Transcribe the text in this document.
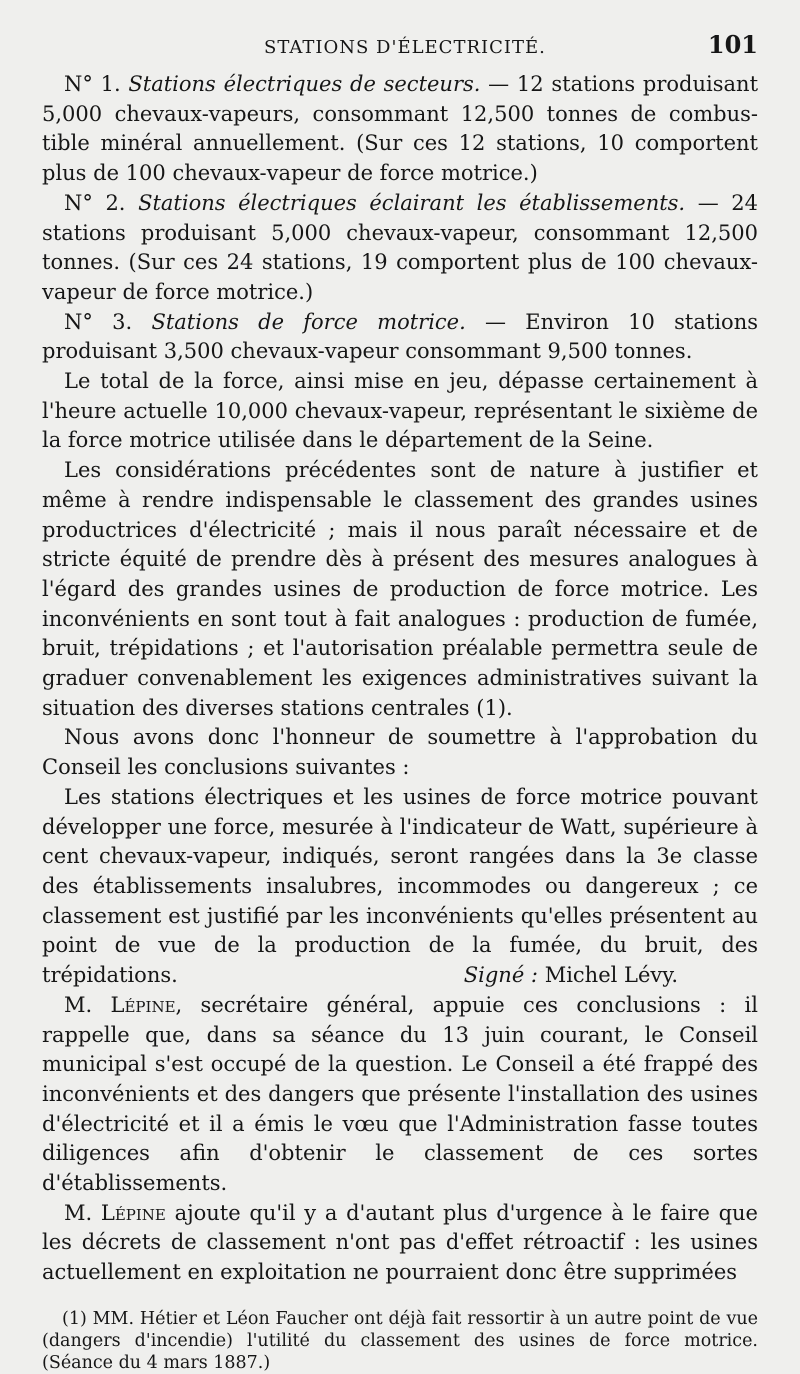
STATIONS D'ÉLECTRICITÉ.	101

N° 1. Stations électriques de secteurs. — 12 stations produisant 5,000 chevaux-vapeurs, consommant 12,500 tonnes de combus-tible minéral annuellement. (Sur ces 12 stations, 10 comportent plus de 100 chevaux-vapeur de force motrice.)

N° 2. Stations électriques éclairant les établissements. — 24 stations produisant 5,000 chevaux-vapeur, consommant 12,500 tonnes. (Sur ces 24 stations, 19 comportent plus de 100 chevaux-vapeur de force motrice.)

N° 3. Stations de force motrice. — Environ 10 stations produisant 3,500 chevaux-vapeur consommant 9,500 tonnes.

Le total de la force, ainsi mise en jeu, dépasse certainement à l'heure actuelle 10,000 chevaux-vapeur, représentant le sixième de la force motrice utilisée dans le département de la Seine.

Les considérations précédentes sont de nature à justifier et même à rendre indispensable le classement des grandes usines productrices d'électricité ; mais il nous paraît nécessaire et de stricte équité de prendre dès à présent des mesures analogues à l'égard des grandes usines de production de force motrice. Les inconvénients en sont tout à fait analogues : production de fumée, bruit, trépidations ; et l'autorisation préalable permettra seule de graduer convenablement les exigences administratives suivant la situation des diverses stations centrales (1).

Nous avons donc l'honneur de soumettre à l'approbation du Conseil les conclusions suivantes :

Les stations électriques et les usines de force motrice pouvant développer une force, mesurée à l'indicateur de Watt, supérieure à cent chevaux-vapeur, indiqués, seront rangées dans la 3e classe des établissements insalubres, incommodes ou dangereux ; ce classement est justifié par les inconvénients qu'elles présentent au point de vue de la production de la fumée, du bruit, des trépidations.	Signé : Michel Lévy.

M. Lépine, secrétaire général, appuie ces conclusions : il rappelle que, dans sa séance du 13 juin courant, le Conseil municipal s'est occupé de la question. Le Conseil a été frappé des inconvénients et des dangers que présente l'installation des usines d'électricité et il a émis le vœu que l'Administration fasse toutes diligences afin d'obtenir le classement de ces sortes d'établissements.

M. Lépine ajoute qu'il y a d'autant plus d'urgence à le faire que les décrets de classement n'ont pas d'effet rétroactif : les usines actuellement en exploitation ne pourraient donc être supprimées

(1) MM. Hétier et Léon Faucher ont déjà fait ressortir à un autre point de vue (dangers d'incendie) l'utilité du classement des usines de force motrice. (Séance du 4 mars 1887.)
